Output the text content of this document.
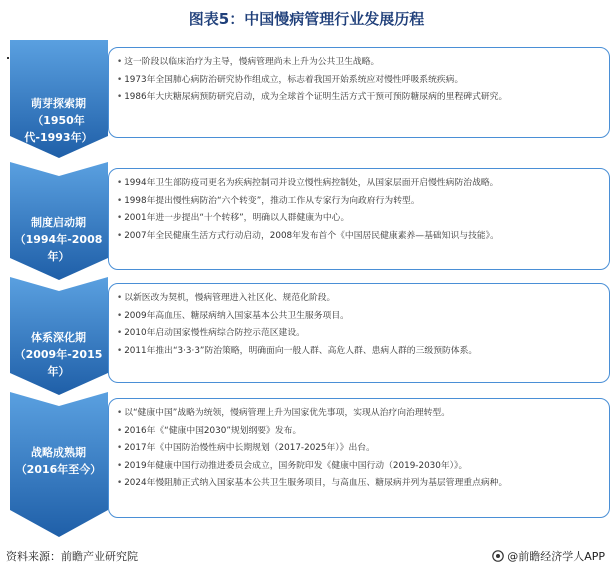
图表5：中国慢病管理行业发展历程
萌芽探索期（1950年代-1993年）
• 这一阶段以临床治疗为主导，慢病管理尚未上升为公共卫生战略。
• 1973年全国肺心病防治研究协作组成立，标志着我国开始系统应对慢性呼吸系统疾病。
• 1986年大庆糖尿病预防研究启动，成为全球首个证明生活方式干预可预防糖尿病的里程碑式研究。
制度启动期（1994年-2008年）
• 1994年卫生部防疫司更名为疾病控制司并设立慢性病控制处，从国家层面开启慢性病防治战略。
• 1998年提出慢性病防治“六个转变”，推动工作从专家行为向政府行为转型。
• 2001年进一步提出“十个转移”，明确以人群健康为中心。
• 2007年全民健康生活方式行动启动，2008年发布首个《中国居民健康素养—基础知识与技能》。
体系深化期（2009年-2015年）
• 以新医改为契机，慢病管理进入社区化、规范化阶段。
• 2009年高血压、糖尿病纳入国家基本公共卫生服务项目。
• 2010年启动国家慢性病综合防控示范区建设。
• 2011年推出“3·3·3”防治策略，明确面向一般人群、高危人群、患病人群的三级预防体系。
战略成熟期（2016年至今）
• 以“健康中国”战略为统领，慢病管理上升为国家优先事项，实现从治疗向治理转型。
• 2016年《“健康中国2030”规划纲要》发布。
• 2017年《中国防治慢性病中长期规划（2017-2025年）》出台。
• 2019年健康中国行动推进委员会成立，国务院印发《健康中国行动（2019-2030年）》。
• 2024年慢阻肺正式纳入国家基本公共卫生服务项目，与高血压、糖尿病并列为基层管理重点病种。
资料来源：前瞻产业研究院	@前瞻经济学人APP
